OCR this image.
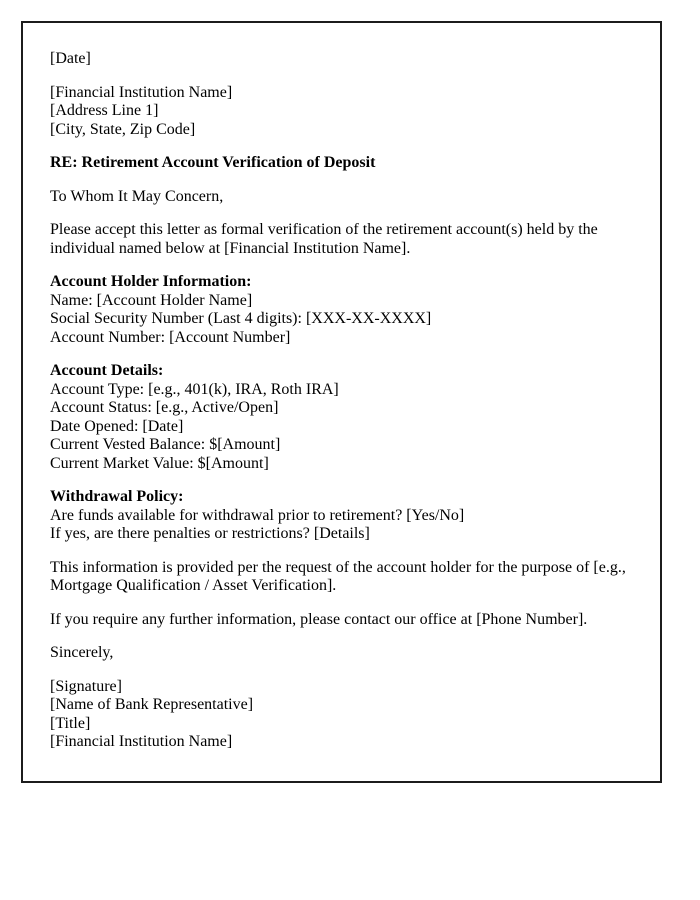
[Date]
[Financial Institution Name]
[Address Line 1]
[City, State, Zip Code]
RE: Retirement Account Verification of Deposit
To Whom It May Concern,
Please accept this letter as formal verification of the retirement account(s) held by the
individual named below at [Financial Institution Name].
Account Holder Information:
Name: [Account Holder Name]
Social Security Number (Last 4 digits): [XXX-XX-XXXX]
Account Number: [Account Number]
Account Details:
Account Type: [e.g., 401(k), IRA, Roth IRA]
Account Status: [e.g., Active/Open]
Date Opened: [Date]
Current Vested Balance: $[Amount]
Current Market Value: $[Amount]
Withdrawal Policy:
Are funds available for withdrawal prior to retirement? [Yes/No]
If yes, are there penalties or restrictions? [Details]
This information is provided per the request of the account holder for the purpose of [e.g.,
Mortgage Qualification / Asset Verification].
If you require any further information, please contact our office at [Phone Number].
Sincerely,
[Signature]
[Name of Bank Representative]
[Title]
[Financial Institution Name]
